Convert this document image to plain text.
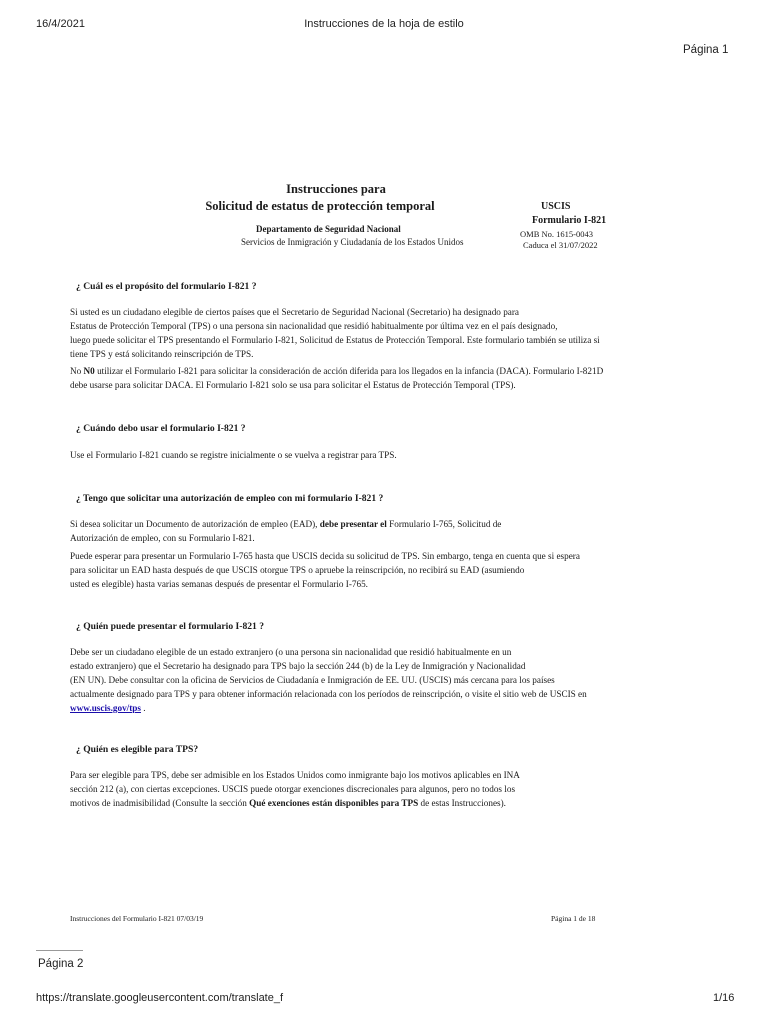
16/4/2021	Instrucciones de la hoja de estilo
Página 1
Instrucciones para
Solicitud de estatus de protección temporal
Departamento de Seguridad Nacional
Servicios de Inmigración y Ciudadanía de los Estados Unidos
USCIS
Formulario I-821
OMB No. 1615-0043
Caduca el 31/07/2022
¿ Cuál es el propósito del formulario I-821 ?
Si usted es un ciudadano elegible de ciertos países que el Secretario de Seguridad Nacional (Secretario) ha designado para
Estatus de Protección Temporal (TPS) o una persona sin nacionalidad que residió habitualmente por última vez en el país designado,
luego puede solicitar el TPS presentando el Formulario I-821, Solicitud de Estatus de Protección Temporal. Este formulario también se utiliza si
tiene TPS y está solicitando reinscripción de TPS.
No N0 utilizar el Formulario I-821 para solicitar la consideración de acción diferida para los llegados en la infancia (DACA). Formulario I-821D
debe usarse para solicitar DACA. El Formulario I-821 solo se usa para solicitar el Estatus de Protección Temporal (TPS).
¿ Cuándo debo usar el formulario I-821 ?
Use el Formulario I-821 cuando se registre inicialmente o se vuelva a registrar para TPS.
¿ Tengo que solicitar una autorización de empleo con mi formulario I-821 ?
Si desea solicitar un Documento de autorización de empleo (EAD), debe presentar el Formulario I-765, Solicitud de
Autorización de empleo, con su Formulario I-821.
Puede esperar para presentar un Formulario I-765 hasta que USCIS decida su solicitud de TPS. Sin embargo, tenga en cuenta que si espera
para solicitar un EAD hasta después de que USCIS otorgue TPS o apruebe la reinscripción, no recibirá su EAD (asumiendo
usted es elegible) hasta varias semanas después de presentar el Formulario I-765.
¿ Quién puede presentar el formulario I-821 ?
Debe ser un ciudadano elegible de un estado extranjero (o una persona sin nacionalidad que residió habitualmente en un
estado extranjero) que el Secretario ha designado para TPS bajo la sección 244 (b) de la Ley de Inmigración y Nacionalidad
(EN UN). Debe consultar con la oficina de Servicios de Ciudadanía e Inmigración de EE. UU. (USCIS) más cercana para los países
actualmente designado para TPS y para obtener información relacionada con los períodos de reinscripción, o visite el sitio web de USCIS en
www.uscis.gov/tps .
¿ Quién es elegible para TPS?
Para ser elegible para TPS, debe ser admisible en los Estados Unidos como inmigrante bajo los motivos aplicables en INA
sección 212 (a), con ciertas excepciones. USCIS puede otorgar exenciones discrecionales para algunos, pero no todos los
motivos de inadmisibilidad (Consulte la sección Qué exenciones están disponibles para TPS de estas Instrucciones).
Instrucciones del Formulario I-821 07/03/19	Página 1 de 18
Página 2
https://translate.googleusercontent.com/translate_f	1/16
